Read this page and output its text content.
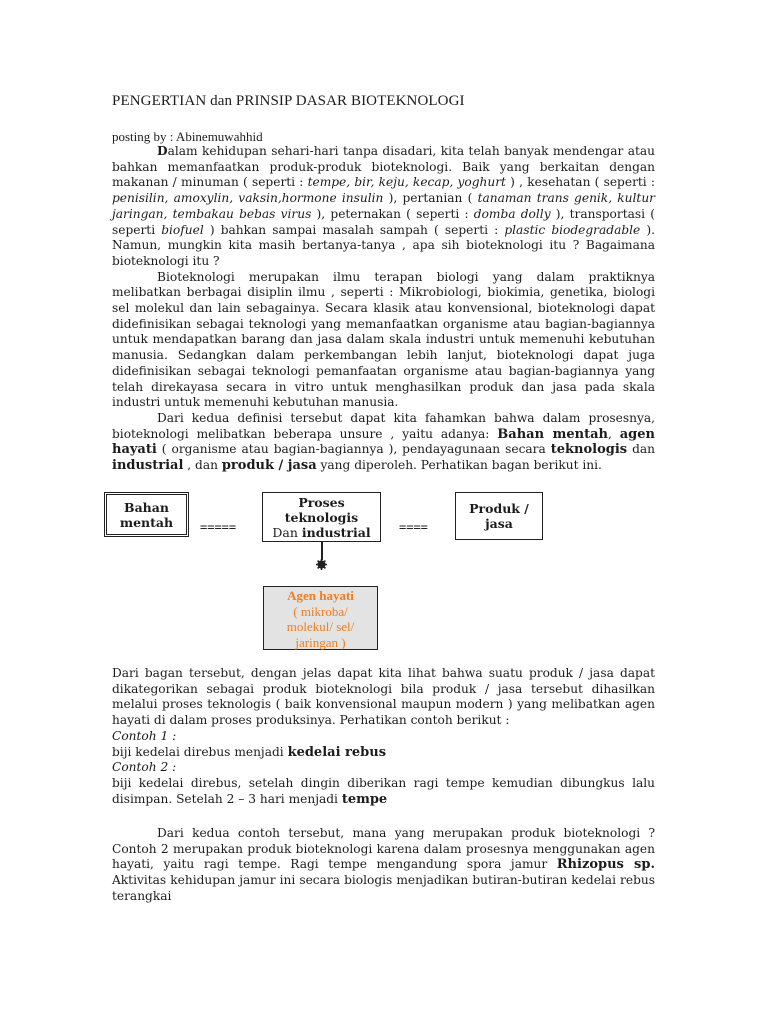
PENGERTIAN dan PRINSIP DASAR BIOTEKNOLOGI
posting by : Abinemuwahhid

Dalam kehidupan sehari-hari tanpa disadari, kita telah banyak mendengar atau bahkan memanfaatkan produk-produk bioteknologi. Baik yang berkaitan dengan makanan / minuman ( seperti : tempe, bir, keju, kecap, yoghurt ) , kesehatan ( seperti : penisilin, amoxylin, vaksin,hormone insulin ), pertanian ( tanaman trans genik, kultur jaringan, tembakau bebas virus ), peternakan ( seperti : domba dolly ), transportasi ( seperti biofuel ) bahkan sampai masalah sampah ( seperti : plastic biodegradable ). Namun, mungkin kita masih bertanya-tanya , apa sih bioteknologi itu ? Bagaimana bioteknologi itu ?

Bioteknologi merupakan ilmu terapan biologi yang dalam praktiknya melibatkan berbagai disiplin ilmu , seperti : Mikrobiologi, biokimia, genetika, biologi sel molekul dan lain sebagainya. Secara klasik atau konvensional, bioteknologi dapat didefinisikan sebagai teknologi yang memanfaatkan organisme atau bagian-bagiannya untuk mendapatkan barang dan jasa dalam skala industri untuk memenuhi kebutuhan manusia. Sedangkan dalam perkembangan lebih lanjut, bioteknologi dapat juga didefinisikan sebagai teknologi pemanfaatan organisme atau bagian-bagiannya yang telah direkayasa secara in vitro untuk menghasilkan produk dan jasa pada skala industri untuk memenuhi kebutuhan manusia.

Dari kedua definisi tersebut dapat kita fahamkan bahwa dalam prosesnya, bioteknologi melibatkan beberapa unsure , yaitu adanya: Bahan mentah, agen hayati ( organisme atau bagian-bagiannya ), pendayagunaan secara teknologis dan industrial , dan produk / jasa yang diperoleh. Perhatikan bagan berikut ini.

Bahan
mentah =====
Proses
teknologis
Dan industrial ====
Produk /
jasa
Agen hayati
( mikroba/
molekul/ sel/
jaringan )

Dari bagan tersebut, dengan jelas dapat kita lihat bahwa suatu produk / jasa dapat dikategorikan sebagai produk bioteknologi bila produk / jasa tersebut dihasilkan melalui proses teknologis ( baik konvensional maupun modern ) yang melibatkan agen hayati di dalam proses produksinya. Perhatikan contoh berikut :

Contoh 1 :

biji kedelai direbus menjadi kedelai rebus

Contoh 2 :

biji kedelai direbus, setelah dingin diberikan ragi tempe kemudian dibungkus lalu disimpan. Setelah 2 – 3 hari menjadi tempe

Dari kedua contoh tersebut, mana yang merupakan produk bioteknologi ? Contoh 2 merupakan produk bioteknologi karena dalam prosesnya menggunakan agen hayati, yaitu ragi tempe. Ragi tempe mengandung spora jamur Rhizopus sp. Aktivitas kehidupan jamur ini secara biologis menjadikan butiran-butiran kedelai rebus terangkai
